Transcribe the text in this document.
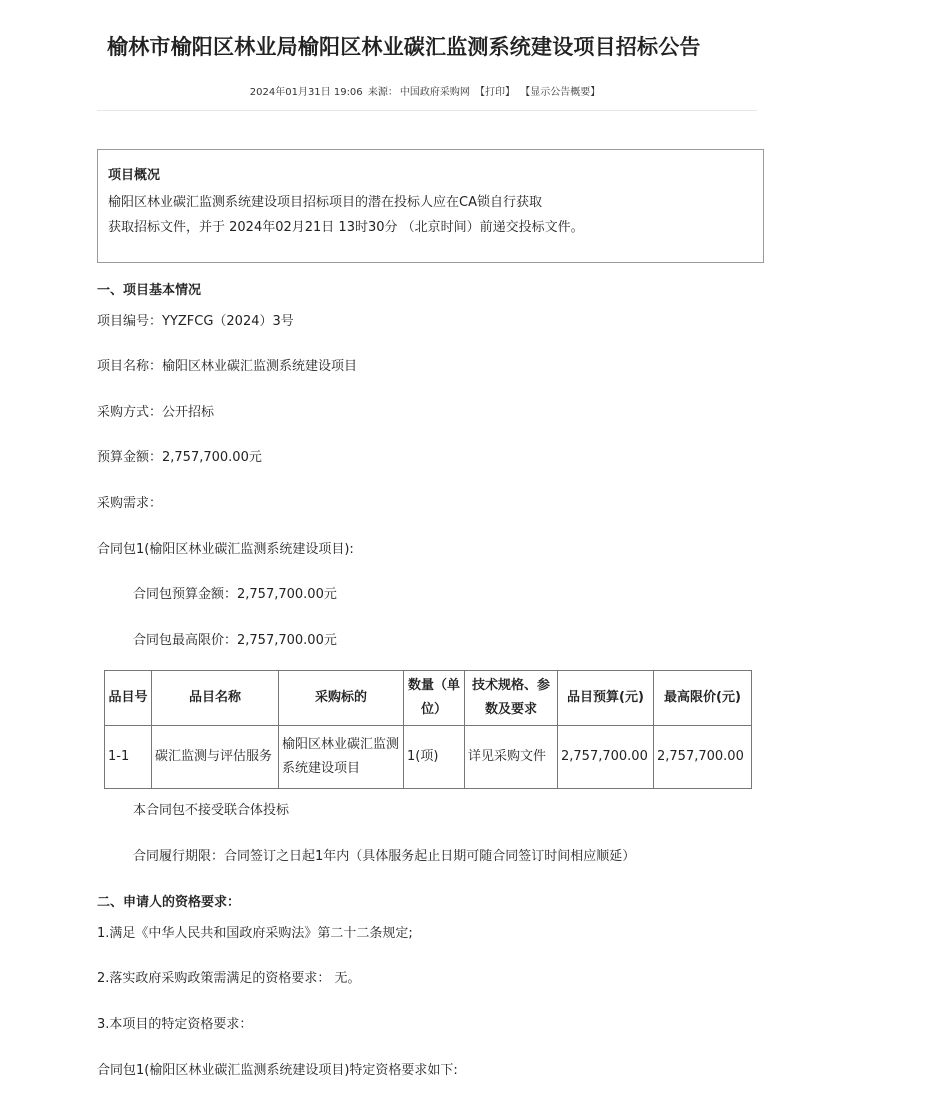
榆林市榆阳区林业局榆阳区林业碳汇监测系统建设项目招标公告
2024年01月31日 19:06 来源： 中国政府采购网 【打印】 【显示公告概要】
项目概况
榆阳区林业碳汇监测系统建设项目招标项目的潜在投标人应在CA锁自行获取
获取招标文件，并于 2024年02月21日 13时30分 （北京时间）前递交投标文件。
一、项目基本情况
项目编号：YYZFCG（2024）3号
项目名称：榆阳区林业碳汇监测系统建设项目
采购方式：公开招标
预算金额：2,757,700.00元
采购需求：
合同包1(榆阳区林业碳汇监测系统建设项目):
合同包预算金额：2,757,700.00元
合同包最高限价：2,757,700.00元
品目号	品目名称	采购标的	数量（单位）	技术规格、参数及要求	品目预算(元)	最高限价(元)
1-1	碳汇监测与评估服务	榆阳区林业碳汇监测系统建设项目	1(项)	详见采购文件	2,757,700.00	2,757,700.00
本合同包不接受联合体投标
合同履行期限：合同签订之日起1年内（具体服务起止日期可随合同签订时间相应顺延）
二、申请人的资格要求：
1.满足《中华人民共和国政府采购法》第二十二条规定;
2.落实政府采购政策需满足的资格要求： 无。
3.本项目的特定资格要求：
合同包1(榆阳区林业碳汇监测系统建设项目)特定资格要求如下:
